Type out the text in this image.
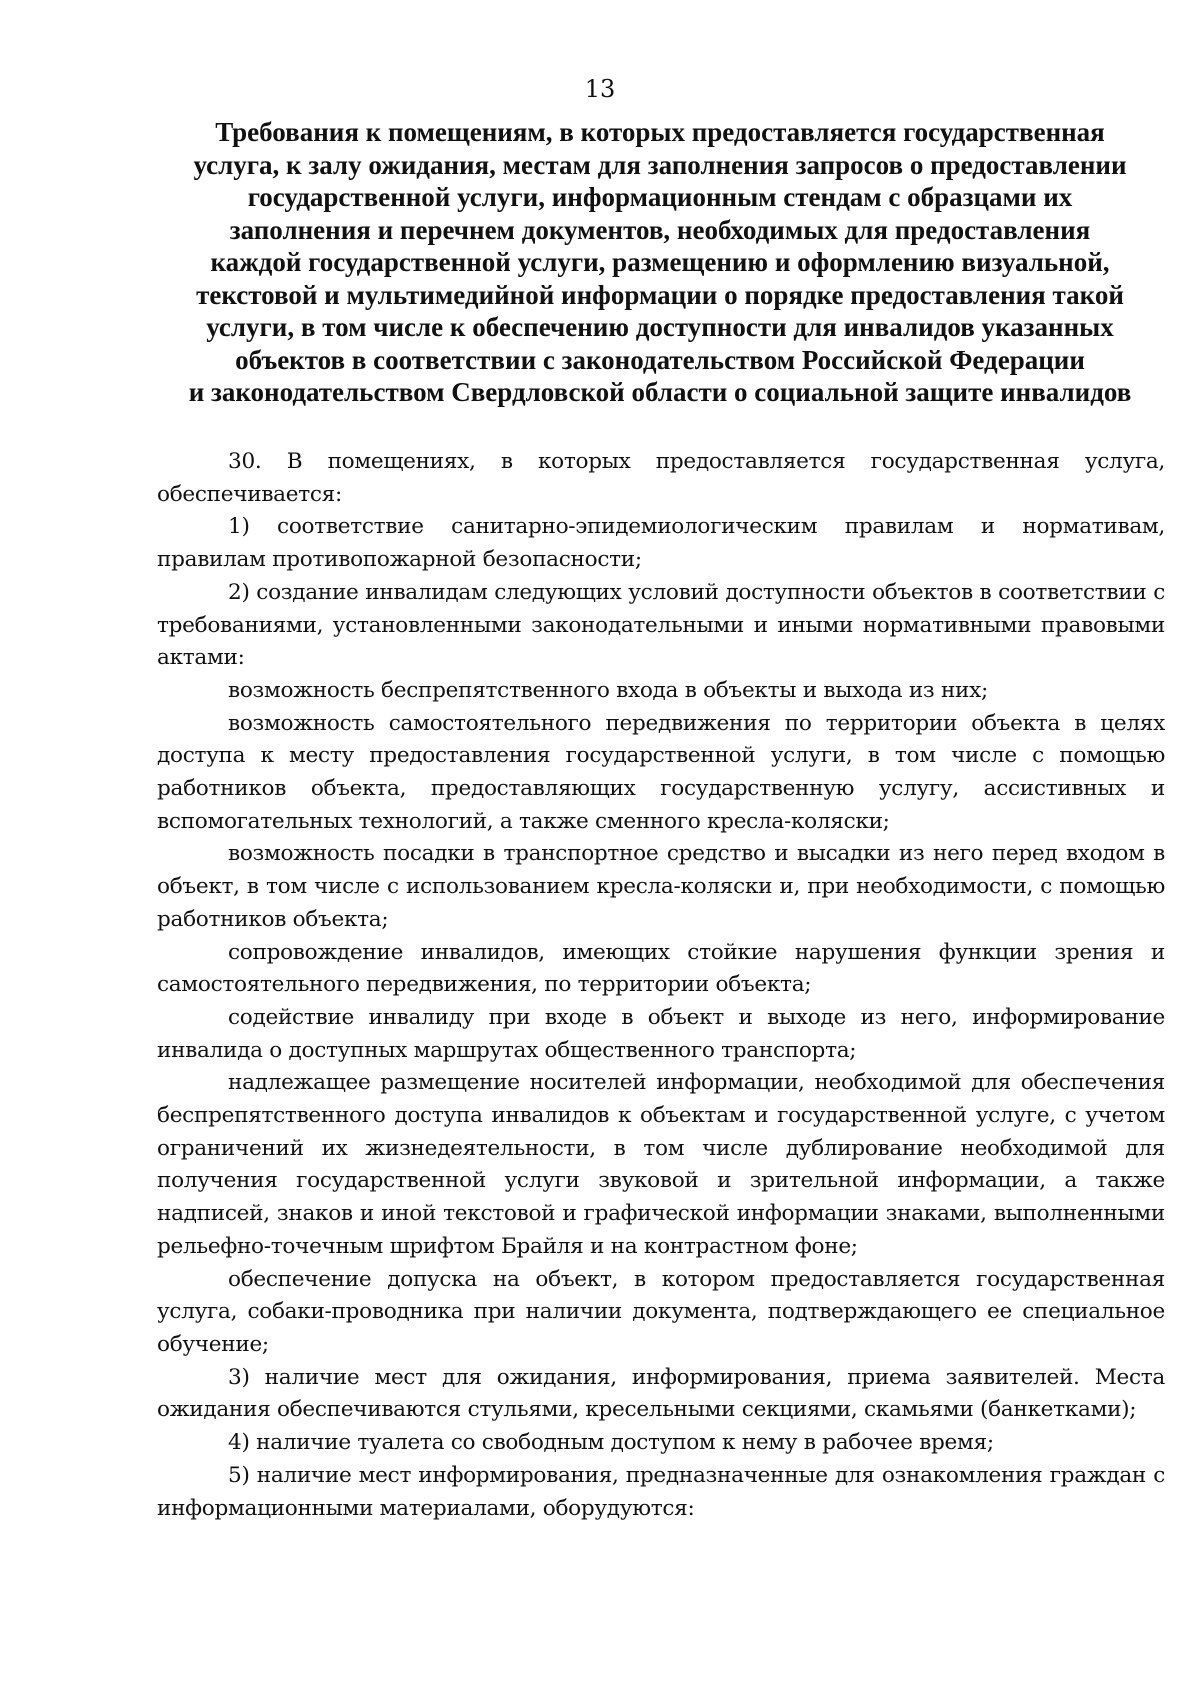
13
Требования к помещениям, в которых предоставляется государственная
услуга, к залу ожидания, местам для заполнения запросов о предоставлении
государственной услуги, информационным стендам с образцами их
заполнения и перечнем документов, необходимых для предоставления
каждой государственной услуги, размещению и оформлению визуальной,
текстовой и мультимедийной информации о порядке предоставления такой
услуги, в том числе к обеспечению доступности для инвалидов указанных
объектов в соответствии с законодательством Российской Федерации
и законодательством Свердловской области о социальной защите инвалидов

30. В помещениях, в которых предоставляется государственная услуга, обеспечивается:

1) соответствие санитарно-эпидемиологическим правилам и нормативам, правилам противопожарной безопасности;

2) создание инвалидам следующих условий доступности объектов в соответствии с требованиями, установленными законодательными и иными нормативными правовыми актами:

возможность беспрепятственного входа в объекты и выхода из них;

возможность самостоятельного передвижения по территории объекта в целях доступа к месту предоставления государственной услуги, в том числе с помощью работников объекта, предоставляющих государственную услугу, ассистивных и вспомогательных технологий, а также сменного кресла-коляски;

возможность посадки в транспортное средство и высадки из него перед входом в объект, в том числе с использованием кресла-коляски и, при необходимости, с помощью работников объекта;

сопровождение инвалидов, имеющих стойкие нарушения функции зрения и самостоятельного передвижения, по территории объекта;

содействие инвалиду при входе в объект и выходе из него, информирование инвалида о доступных маршрутах общественного транспорта;

надлежащее размещение носителей информации, необходимой для обеспечения беспрепятственного доступа инвалидов к объектам и государственной услуге, с учетом ограничений их жизнедеятельности, в том числе дублирование необходимой для получения государственной услуги звуковой и зрительной информации, а также надписей, знаков и иной текстовой и графической информации знаками, выполненными рельефно-точечным шрифтом Брайля и на контрастном фоне;

обеспечение допуска на объект, в котором предоставляется государственная услуга, собаки-проводника при наличии документа, подтверждающего ее специальное обучение;

3) наличие мест для ожидания, информирования, приема заявителей. Места ожидания обеспечиваются стульями, кресельными секциями, скамьями (банкетками);

4) наличие туалета со свободным доступом к нему в рабочее время;

5) наличие мест информирования, предназначенные для ознакомления граждан с информационными материалами, оборудуются:
